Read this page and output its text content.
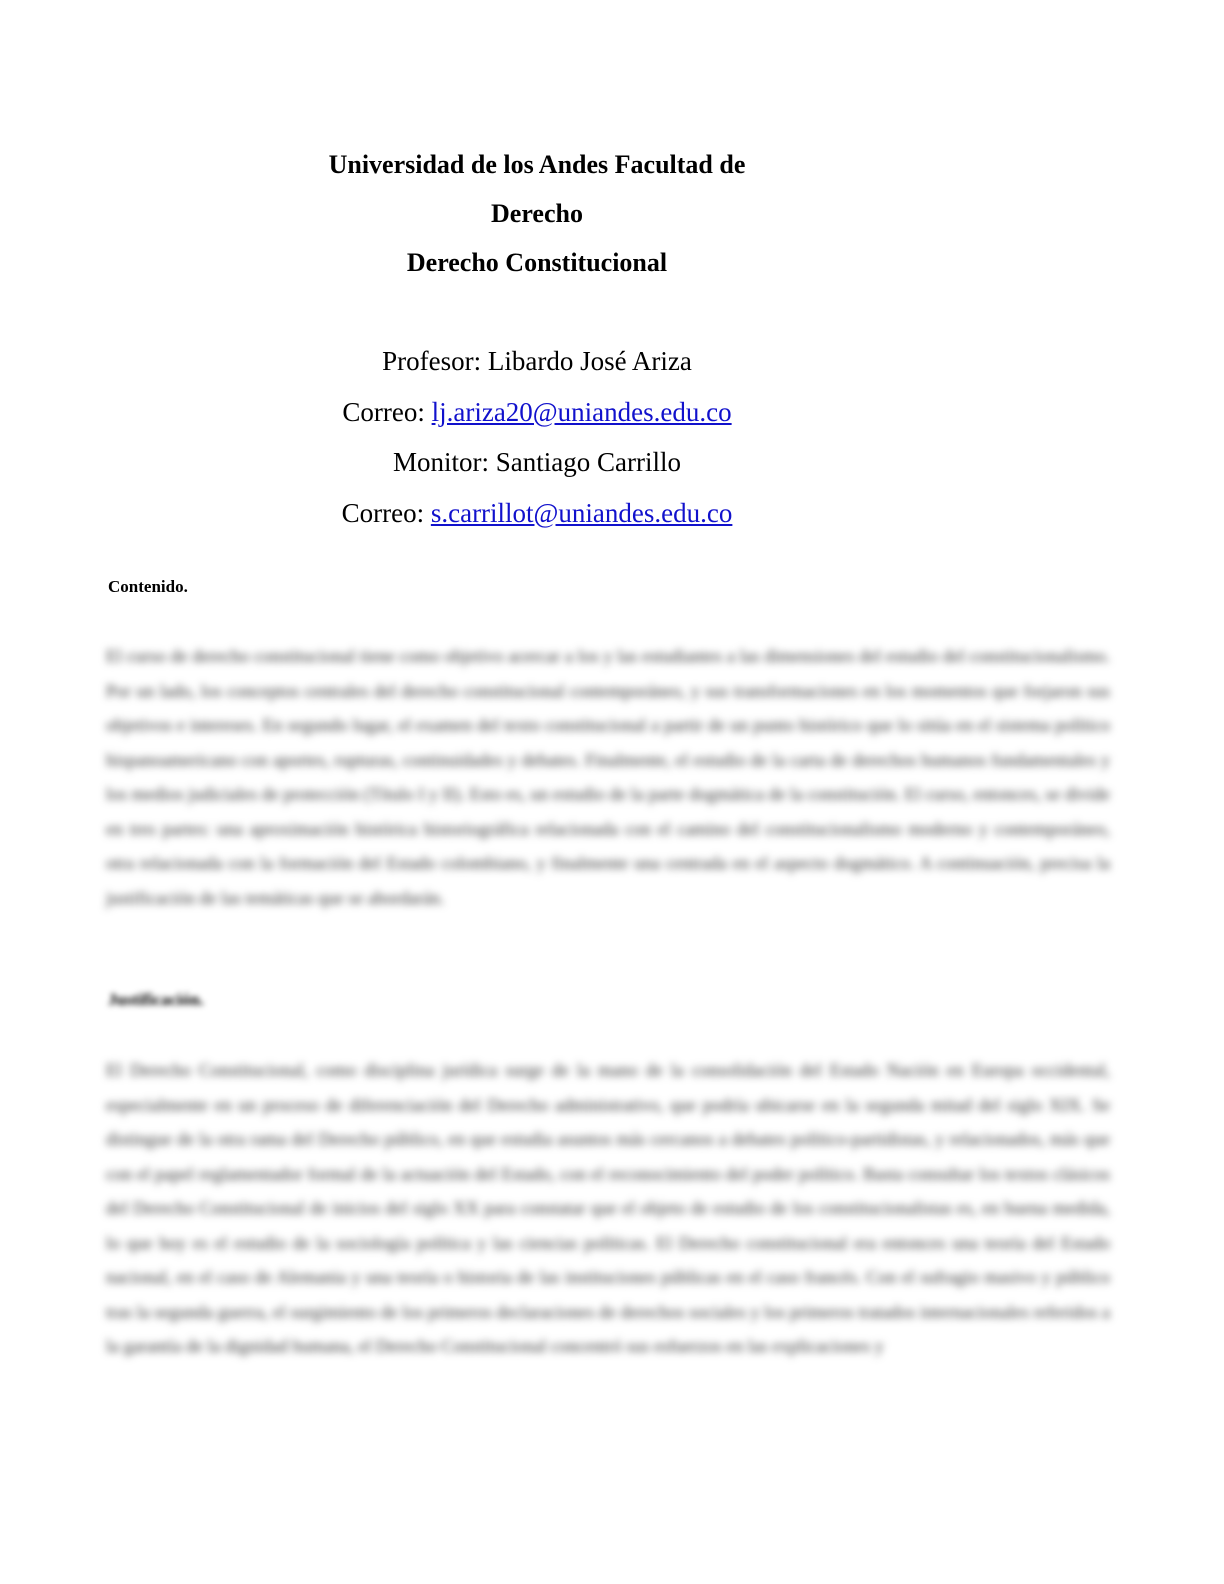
Universidad de los Andes Facultad de

Derecho

Derecho Constitucional

Profesor: Libardo José Ariza

Correo: lj.ariza20@uniandes.edu.co

Monitor: Santiago Carrillo

Correo: s.carrillot@uniandes.edu.co

Contenido.

El curso de derecho constitucional tiene como objetivo acercar a los y las estudiantes a las dimensiones del estudio del constitucionalismo. Por un lado, los conceptos centrales del derecho constitucional contemporáneo, y sus transformaciones en los momentos que forjaron sus objetivos e intereses. En segundo lugar, el examen del texto constitucional a partir de un punto histórico que lo sitúa en el sistema político hispanoamericano con aportes, rupturas, continuidades y debates. Finalmente, el estudio de la carta de derechos humanos fundamentales y los medios judiciales de protección (Título I y II). Esto es, un estudio de la parte dogmática de la constitución. El curso, entonces, se divide en tres partes: una aproximación histórica historiográfica relacionada con el camino del constitucionalismo moderno y contemporáneo, otra relacionada con la formación del Estado colombiano, y finalmente una centrada en el aspecto dogmático. A continuación, precisa la justificación de las temáticas que se abordarán.

Justificación.

El Derecho Constitucional, como disciplina jurídica surge de la mano de la consolidación del Estado Nación en Europa occidental, especialmente en un proceso de diferenciación del Derecho administrativo, que podría ubicarse en la segunda mitad del siglo XIX. Se distingue de la otra rama del Derecho público, en que estudia asuntos más cercanos a debates político-partidistas, y relacionados, más que con el papel reglamentador formal de la actuación del Estado, con el reconocimiento del poder político. Basta consultar los textos clásicos del Derecho Constitucional de inicios del siglo XX para constatar que el objeto de estudio de los constitucionalistas es, en buena medida, lo que hoy es el estudio de la sociología política y las ciencias políticas. El Derecho constitucional era entonces una teoría del Estado nacional, en el caso de Alemania y una teoría o historia de las instituciones públicas en el caso francés. Con el sufragio masivo y público tras la segunda guerra, el surgimiento de los primeros declaraciones de derechos sociales y los primeros tratados internacionales referidos a la garantía de la dignidad humana, el Derecho Constitucional concentró sus esfuerzos en las explicaciones y
